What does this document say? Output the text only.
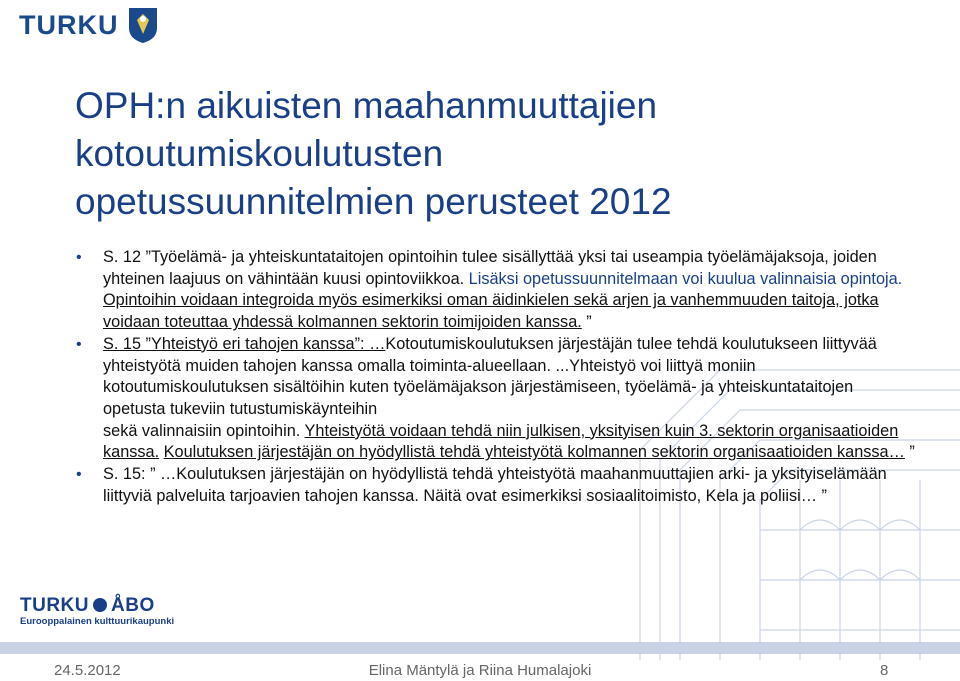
TURKU
OPH:n aikuisten maahanmuuttajien
kotoutumiskoulutusten
opetussuunnitelmien perusteet 2012

• S. 12 ”Työelämä- ja yhteiskuntataitojen opintoihin tulee sisällyttää yksi tai useampia työelämäjaksoja, joiden yhteinen laajuus on vähintään kuusi opintoviikkoa. Lisäksi opetussuunnitelmaan voi kuulua valinnaisia opintoja. Opintoihin voidaan integroida myös esimerkiksi oman äidinkielen sekä arjen ja vanhemmuuden taitoja, jotka voidaan toteuttaa yhdessä kolmannen sektorin toimijoiden kanssa. ”

• S. 15 ”Yhteistyö eri tahojen kanssa”: …Kotoutumiskoulutuksen järjestäjän tulee tehdä koulutukseen liittyvää yhteistyötä muiden tahojen kanssa omalla toiminta-alueellaan. ...Yhteistyö voi liittyä moniin kotoutumiskoulutuksen sisältöihin kuten työelämäjakson järjestämiseen, työelämä- ja yhteiskuntataitojen opetusta tukeviin tutustumiskäynteihin
sekä valinnaisiin opintoihin. Yhteistyötä voidaan tehdä niin julkisen, yksityisen kuin 3. sektorin organisaatioiden kanssa. Koulutuksen järjestäjän on hyödyllistä tehdä yhteistyötä kolmannen sektorin organisaatioiden kanssa… ”

• S. 15: ” …Koulutuksen järjestäjän on hyödyllistä tehdä yhteistyötä maahanmuuttajien arki- ja yksityiselämään liittyviä palveluita tarjoavien tahojen kanssa. Näitä ovat esimerkiksi sosiaalitoimisto, Kela ja poliisi… ”

TURKU ÅBO
Eurooppalainen kulttuurikaupunki
24.5.2012	Elina Mäntylä ja Riina Humalajoki	8
